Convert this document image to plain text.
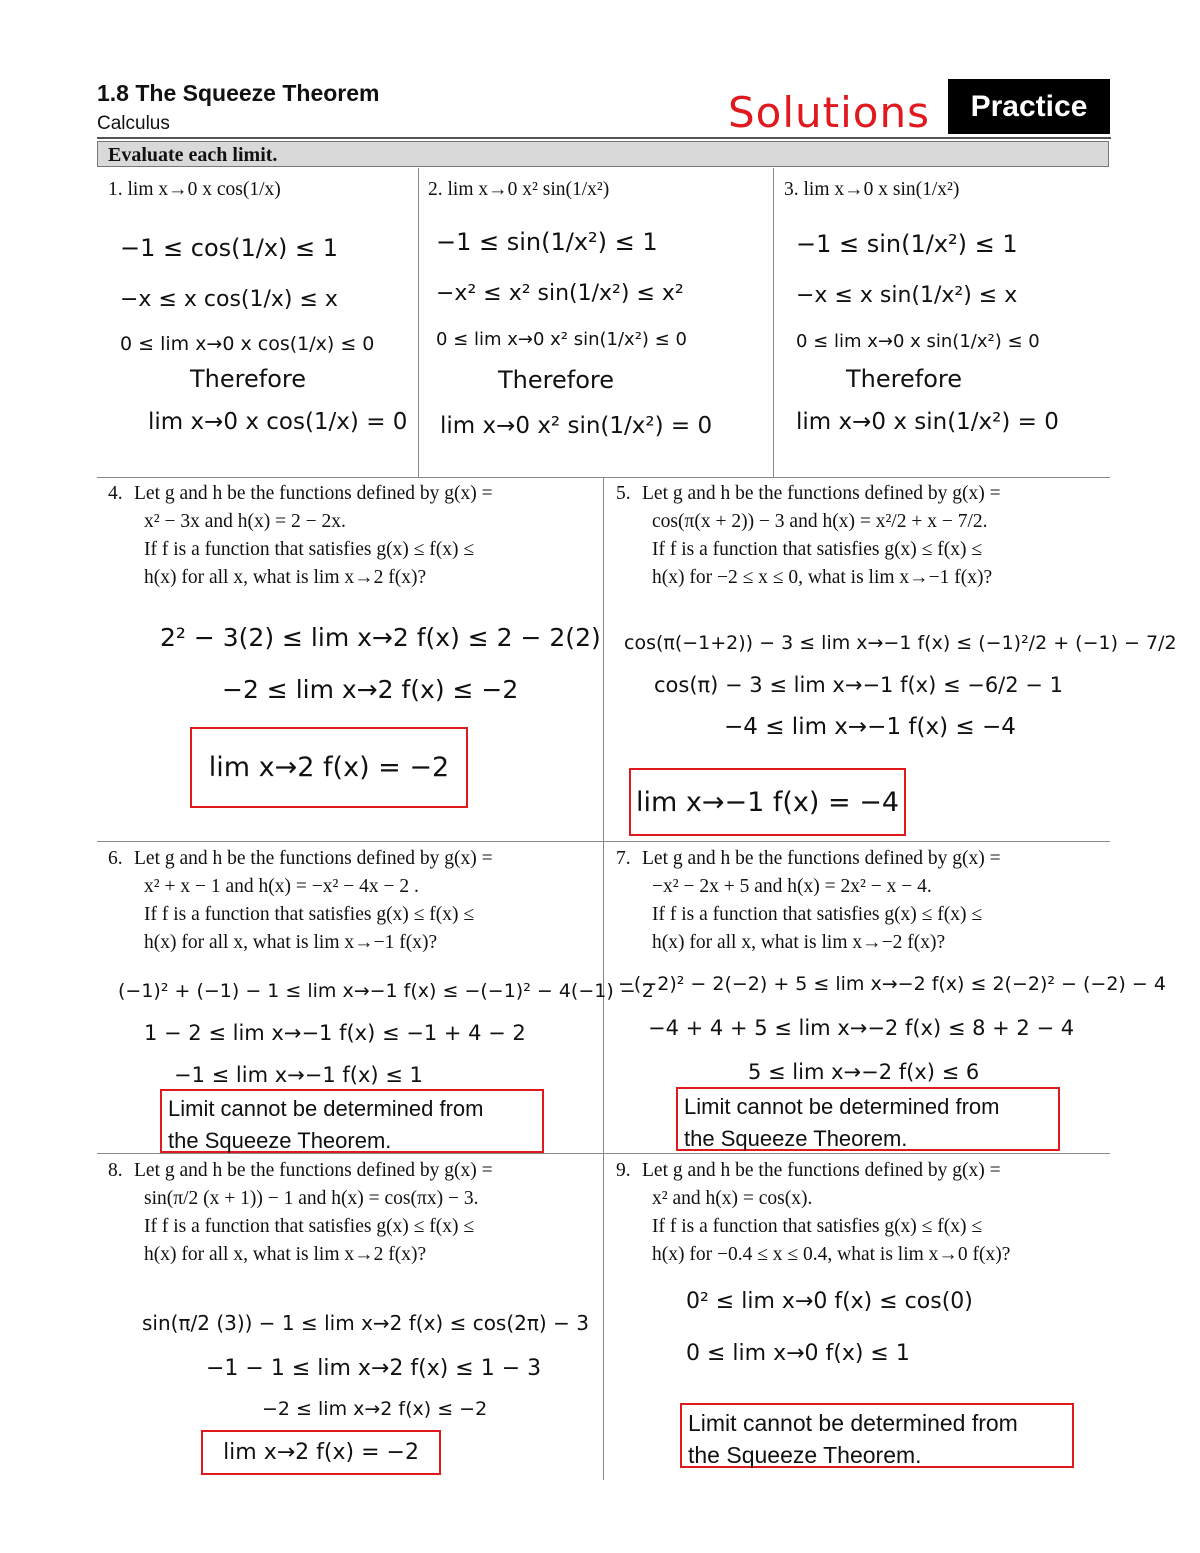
1.8 The Squeeze Theorem
Calculus	Solutions	Practice
Evaluate each limit.
1. lim x→0 x cos(1/x)
−1 ≤ cos(1/x) ≤ 1
−x ≤ x cos(1/x) ≤ x
0 ≤ lim x→0 x cos(1/x) ≤ 0
Therefore
lim x→0 x cos(1/x) = 0
2. lim x→0 x² sin(1/x²)
−1 ≤ sin(1/x²) ≤ 1
−x² ≤ x² sin(1/x²) ≤ x²
0 ≤ lim x→0 x² sin(1/x²) ≤ 0
Therefore
lim x→0 x² sin(1/x²) = 0
3. lim x→0 x sin(1/x²)
−1 ≤ sin(1/x²) ≤ 1
−x ≤ x sin(1/x²) ≤ x
0 ≤ lim x→0 x sin(1/x²) ≤ 0
Therefore
lim x→0 x sin(1/x²) = 0
4. Let g and h be the functions defined by g(x) =
x² − 3x and h(x) = 2 − 2x.
If f is a function that satisfies g(x) ≤ f(x) ≤
h(x) for all x, what is lim x→2 f(x)?
2² − 3(2) ≤ lim x→2 f(x) ≤ 2 − 2(2)
−2 ≤ lim x→2 f(x) ≤ −2
lim x→2 f(x) = −2
5. Let g and h be the functions defined by g(x) =
cos(π(x + 2)) − 3 and h(x) = x²/2 + x − 7/2.
If f is a function that satisfies g(x) ≤ f(x) ≤
h(x) for −2 ≤ x ≤ 0, what is lim x→−1 f(x)?
cos(π(−1+2)) − 3 ≤ lim x→−1 f(x) ≤ (−1)²/2 + (−1) − 7/2
cos(π) − 3 ≤ lim x→−1 f(x) ≤ −6/2 − 1
−4 ≤ lim x→−1 f(x) ≤ −4
lim x→−1 f(x) = −4
6. Let g and h be the functions defined by g(x) =
x² + x − 1 and h(x) = −x² − 4x − 2 .
If f is a function that satisfies g(x) ≤ f(x) ≤
h(x) for all x, what is lim x→−1 f(x)?
(−1)² + (−1) − 1 ≤ lim x→−1 f(x) ≤ −(−1)² − 4(−1) − 2
1 − 2 ≤ lim x→−1 f(x) ≤ −1 + 4 − 2
−1 ≤ lim x→−1 f(x) ≤ 1
Limit cannot be determined from
the Squeeze Theorem.
7. Let g and h be the functions defined by g(x) =
−x² − 2x + 5 and h(x) = 2x² − x − 4.
If f is a function that satisfies g(x) ≤ f(x) ≤
h(x) for all x, what is lim x→−2 f(x)?
−(−2)² − 2(−2) + 5 ≤ lim x→−2 f(x) ≤ 2(−2)² − (−2) − 4
−4 + 4 + 5 ≤ lim x→−2 f(x) ≤ 8 + 2 − 4
5 ≤ lim x→−2 f(x) ≤ 6
Limit cannot be determined from
the Squeeze Theorem.
8. Let g and h be the functions defined by g(x) =
sin(π/2 (x + 1)) − 1 and h(x) = cos(πx) − 3.
If f is a function that satisfies g(x) ≤ f(x) ≤
h(x) for all x, what is lim x→2 f(x)?
sin(π/2 (3)) − 1 ≤ lim x→2 f(x) ≤ cos(2π) − 3
−1 − 1 ≤ lim x→2 f(x) ≤ 1 − 3
−2 ≤ lim x→2 f(x) ≤ −2
lim x→2 f(x) = −2
9. Let g and h be the functions defined by g(x) =
x² and h(x) = cos(x).
If f is a function that satisfies g(x) ≤ f(x) ≤
h(x) for −0.4 ≤ x ≤ 0.4, what is lim x→0 f(x)?
0² ≤ lim x→0 f(x) ≤ cos(0)
0 ≤ lim x→0 f(x) ≤ 1
Limit cannot be determined from
the Squeeze Theorem.
